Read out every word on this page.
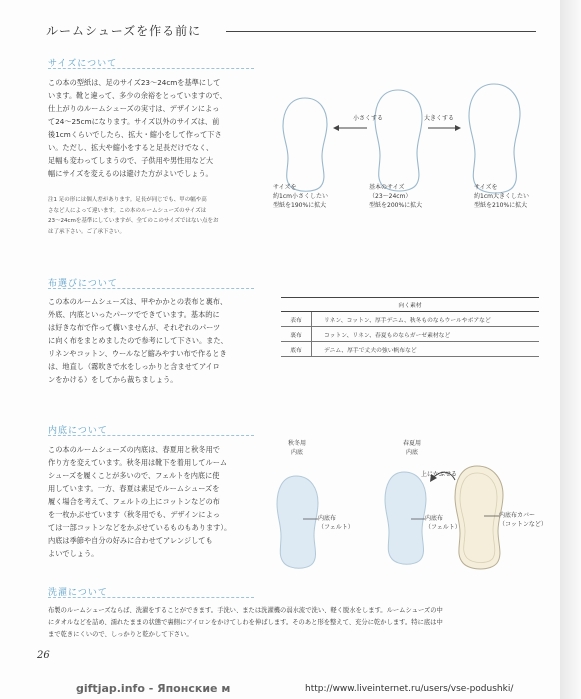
ルームシューズを作る前に
サイズについて
この本の型紙は、足のサイズ23〜24cmを基準にして
います。靴と違って、多少の余裕をとっていますので、
仕上がりのルームシューズの実寸は、デザインによっ
て24〜25cmになります。サイズ以外のサイズは、前
後1cmくらいでしたら、拡大・縮小をして作って下さ
い。ただし、拡大や縮小をすると足長だけでなく、
足幅も変わってしまうので、子供用や男性用など大
幅にサイズを変えるのは避けた方がよいでしょう。
注1 足の形には個人差があります。足長が同じでも、甲の幅や高
さなど人によって違います。この本のルームシューズのサイズは
23〜24cmを基準にしていますが、全てのこのサイズではない点をお
は了承下さい。ご了承下さい。
小さくする	大きくする
サイズを
約1cm小さくしたい
型紙を190%に拡大
基本のサイズ
（23〜24cm）
型紙を200%に拡大
サイズを
約1cm大きくしたい
型紙を210%に拡大
布選びについて
この本のルームシューズは、甲やかかとの表布と裏布、
外底、内底といったパーツでできています。基本的に
は好きな布で作って構いませんが、それぞれのパーツ
に向く布をまとめましたので参考にして下さい。また、
リネンやコットン、ウールなど縮みやすい布で作るとき
は、地直し（霧吹きで水をしっかりと含ませてアイロ
ンをかける）をしてから裁ちましょう。
向く素材	
表布	リネン、コットン、厚手デニム、秋冬ものならウールやボアなど
裏布	コットン、リネン、春夏ものならガーゼ素材など
底布	デニム、厚手で丈夫の強い帆布など
内底について
この本のルームシューズの内底は、春夏用と秋冬用で
作り方を変えています。秋冬用は靴下を着用してルーム
シューズを履くことが多いので、フェルトを内底に使
用しています。一方、春夏は素足でルームシューズを
履く場合を考えて、フェルトの上にコットンなどの布
を一枚かぶせています（秋冬用でも、デザインによっ
ては一部コットンなどをかぶせているものもあります）。
内底は季節や自分の好みに合わせてアレンジしても
よいでしょう。
秋冬用
内底
春夏用
内底
上にかぶせる
内底布
（フェルト）
内底布
（フェルト）
内底布カバー
（コットンなど）
洗濯について
布製のルームシューズならば、洗濯をすることができます。手洗い、または洗濯機の弱水流で洗い、軽く脱水をします。ルームシューズの中
にタオルなどを詰め、濡れたままの状態で裏側にアイロンをかけてしわを伸ばします。そのあと形を整えて、充分に乾かします。特に底は中
まで乾きにくいので、しっかりと乾かして下さい。
26
giftjap.info - Японские м	http://www.liveinternet.ru/users/vse-podushki/
